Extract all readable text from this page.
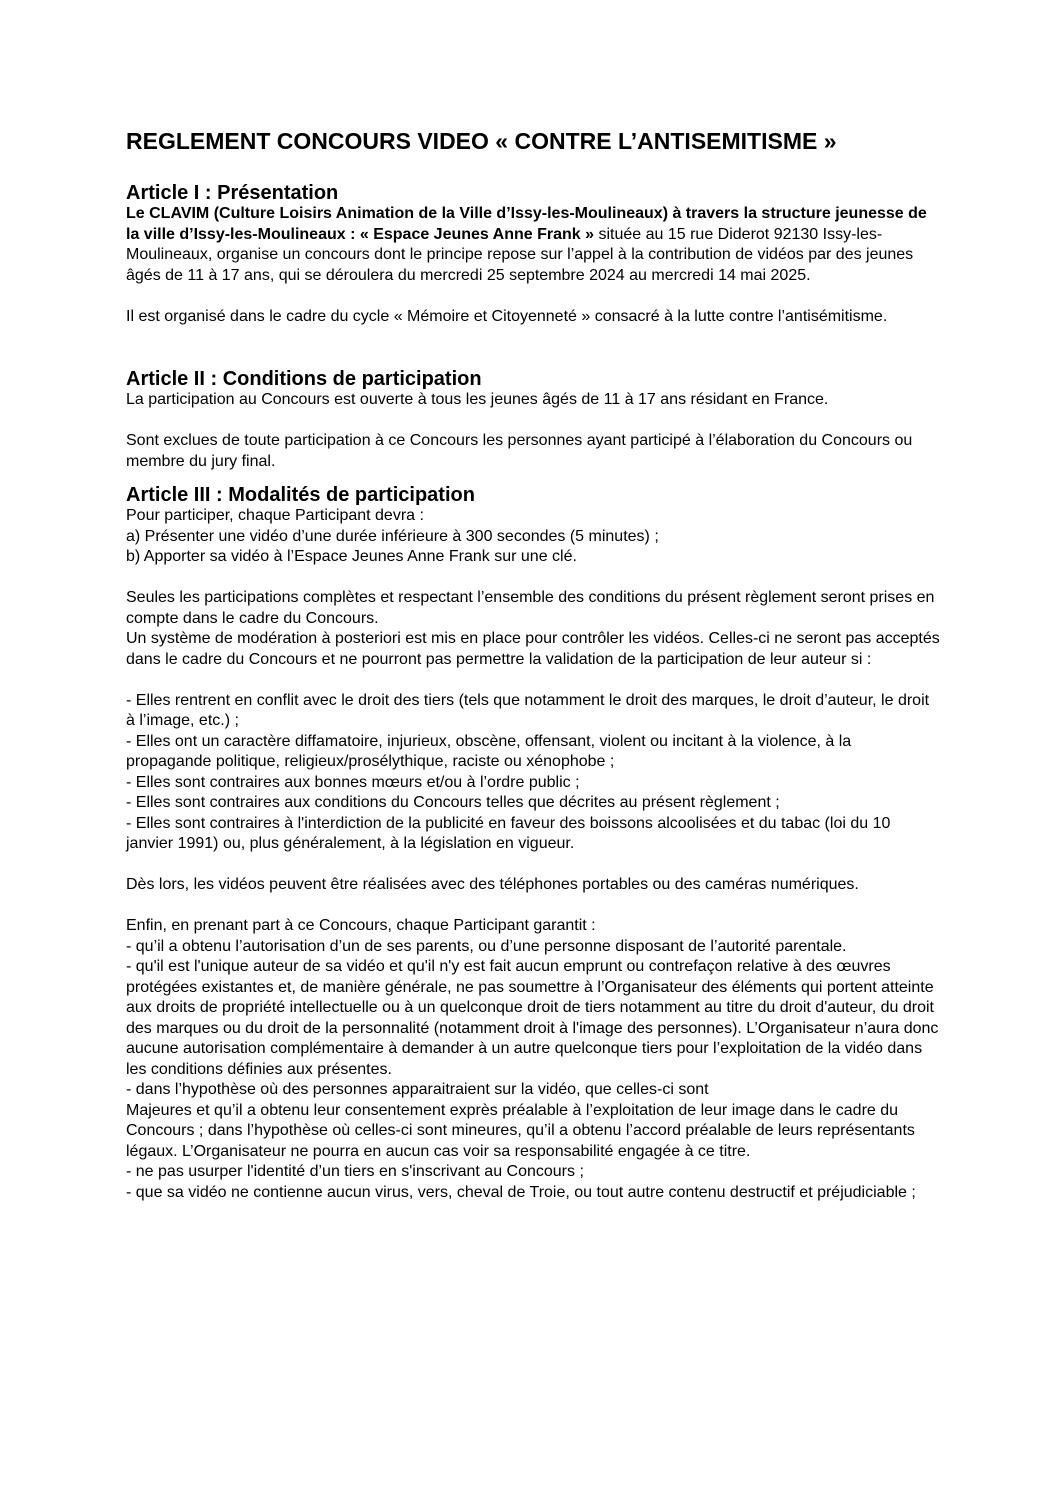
REGLEMENT CONCOURS VIDEO « CONTRE L’ANTISEMITISME »
Article I : Présentation

Le CLAVIM (Culture Loisirs Animation de la Ville d’Issy-les-Moulineaux) à travers la structure jeunesse de la ville d’Issy-les-Moulineaux : « Espace Jeunes Anne Frank » située au 15 rue Diderot 92130 Issy-les-Moulineaux, organise un concours dont le principe repose sur l’appel à la contribution de vidéos par des jeunes âgés de 11 à 17 ans, qui se déroulera du mercredi 25 septembre 2024 au mercredi 14 mai 2025.

Il est organisé dans le cadre du cycle « Mémoire et Citoyenneté » consacré à la lutte contre l’antisémitisme.

Article II : Conditions de participation

La participation au Concours est ouverte à tous les jeunes âgés de 11 à 17 ans résidant en France.

Sont exclues de toute participation à ce Concours les personnes ayant participé à l’élaboration du Concours ou membre du jury final.

Article III : Modalités de participation

Pour participer, chaque Participant devra :

a) Présenter une vidéo d’une durée inférieure à 300 secondes (5 minutes) ;

b) Apporter sa vidéo à l’Espace Jeunes Anne Frank sur une clé.

Seules les participations complètes et respectant l’ensemble des conditions du présent règlement seront prises en compte dans le cadre du Concours.

Un système de modération à posteriori est mis en place pour contrôler les vidéos. Celles-ci ne seront pas acceptés dans le cadre du Concours et ne pourront pas permettre la validation de la participation de leur auteur si :

- Elles rentrent en conflit avec le droit des tiers (tels que notamment le droit des marques, le droit d’auteur, le droit à l’image, etc.) ;

- Elles ont un caractère diffamatoire, injurieux, obscène, offensant, violent ou incitant à la violence, à la propagande politique, religieux/prosélythique, raciste ou xénophobe ;

- Elles sont contraires aux bonnes mœurs et/ou à l’ordre public ;

- Elles sont contraires aux conditions du Concours telles que décrites au présent règlement ;

- Elles sont contraires à l'interdiction de la publicité en faveur des boissons alcoolisées et du tabac (loi du 10 janvier 1991) ou, plus généralement, à la législation en vigueur.

Dès lors, les vidéos peuvent être réalisées avec des téléphones portables ou des caméras numériques.

Enfin, en prenant part à ce Concours, chaque Participant garantit :

- qu’il a obtenu l’autorisation d’un de ses parents, ou d’une personne disposant de l’autorité parentale.

- qu'il est l'unique auteur de sa vidéo et qu'il n'y est fait aucun emprunt ou contrefaçon relative à des œuvres protégées existantes et, de manière générale, ne pas soumettre à l’Organisateur des éléments qui portent atteinte aux droits de propriété intellectuelle ou à un quelconque droit de tiers notamment au titre du droit d'auteur, du droit des marques ou du droit de la personnalité (notamment droit à l'image des personnes). L’Organisateur n’aura donc aucune autorisation complémentaire à demander à un autre quelconque tiers pour l’exploitation de la vidéo dans les conditions définies aux présentes.

- dans l’hypothèse où des personnes apparaitraient sur la vidéo, que celles-ci sont

Majeures et qu’il a obtenu leur consentement exprès préalable à l’exploitation de leur image dans le cadre du Concours ; dans l’hypothèse où celles-ci sont mineures, qu’il a obtenu l’accord préalable de leurs représentants légaux. L’Organisateur ne pourra en aucun cas voir sa responsabilité engagée à ce titre.

- ne pas usurper l'identité d’un tiers en s'inscrivant au Concours ;

- que sa vidéo ne contienne aucun virus, vers, cheval de Troie, ou tout autre contenu destructif et préjudiciable ;
